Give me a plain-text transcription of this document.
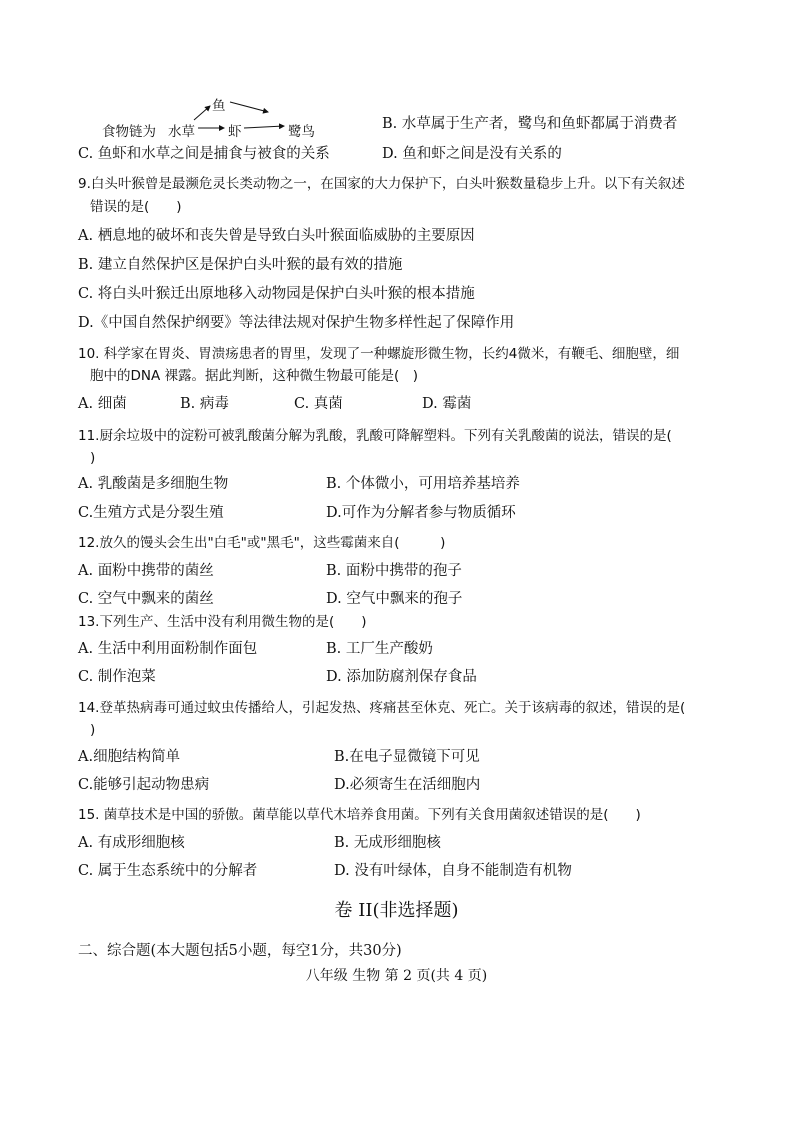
食物链为 水草
鱼
虾	鹭鸟	B. 水草属于生产者，鹭鸟和鱼虾都属于消费者
C. 鱼虾和水草之间是捕食与被食的关系	D. 鱼和虾之间是没有关系的
9.白头叶猴曾是最濒危灵长类动物之一，在国家的大力保护下，白头叶猴数量稳步上升。以下有关叙述
错误的是(　　)
A. 栖息地的破坏和丧失曾是导致白头叶猴面临威胁的主要原因
B. 建立自然保护区是保护白头叶猴的最有效的措施
C. 将白头叶猴迁出原地移入动物园是保护白头叶猴的根本措施
D.《中国自然保护纲要》等法律法规对保护生物多样性起了保障作用
10. 科学家在胃炎、胃溃疡患者的胃里，发现了一种螺旋形微生物，长约4微米，有鞭毛、细胞壁，细
胞中的DNA 裸露。据此判断，这种微生物最可能是(　)
A. 细菌	B. 病毒	C. 真菌	D. 霉菌
11.厨余垃圾中的淀粉可被乳酸菌分解为乳酸，乳酸可降解塑料。下列有关乳酸菌的说法，错误的是(
)
A. 乳酸菌是多细胞生物	B. 个体微小，可用培养基培养
C.生殖方式是分裂生殖	D.可作为分解者参与物质循环
12.放久的馒头会生出"白毛"或"黑毛"，这些霉菌来自(　　　)
A. 面粉中携带的菌丝	B. 面粉中携带的孢子
C. 空气中飘来的菌丝	D. 空气中飘来的孢子
13.下列生产、生活中没有利用微生物的是(　　)
A. 生活中利用面粉制作面包	B. 工厂生产酸奶
C. 制作泡菜	D. 添加防腐剂保存食品
14.登革热病毒可通过蚊虫传播给人，引起发热、疼痛甚至休克、死亡。关于该病毒的叙述，错误的是(
)
A.细胞结构简单	B.在电子显微镜下可见
C.能够引起动物患病	D.必须寄生在活细胞内
15. 菌草技术是中国的骄傲。菌草能以草代木培养食用菌。下列有关食用菌叙述错误的是(　　)
A. 有成形细胞核	B. 无成形细胞核
C. 属于生态系统中的分解者	D. 没有叶绿体，自身不能制造有机物
卷 II(非选择题)
二、综合题(本大题包括5小题，每空1分，共30分)
八年级 生物 第 2 页(共 4 页)
